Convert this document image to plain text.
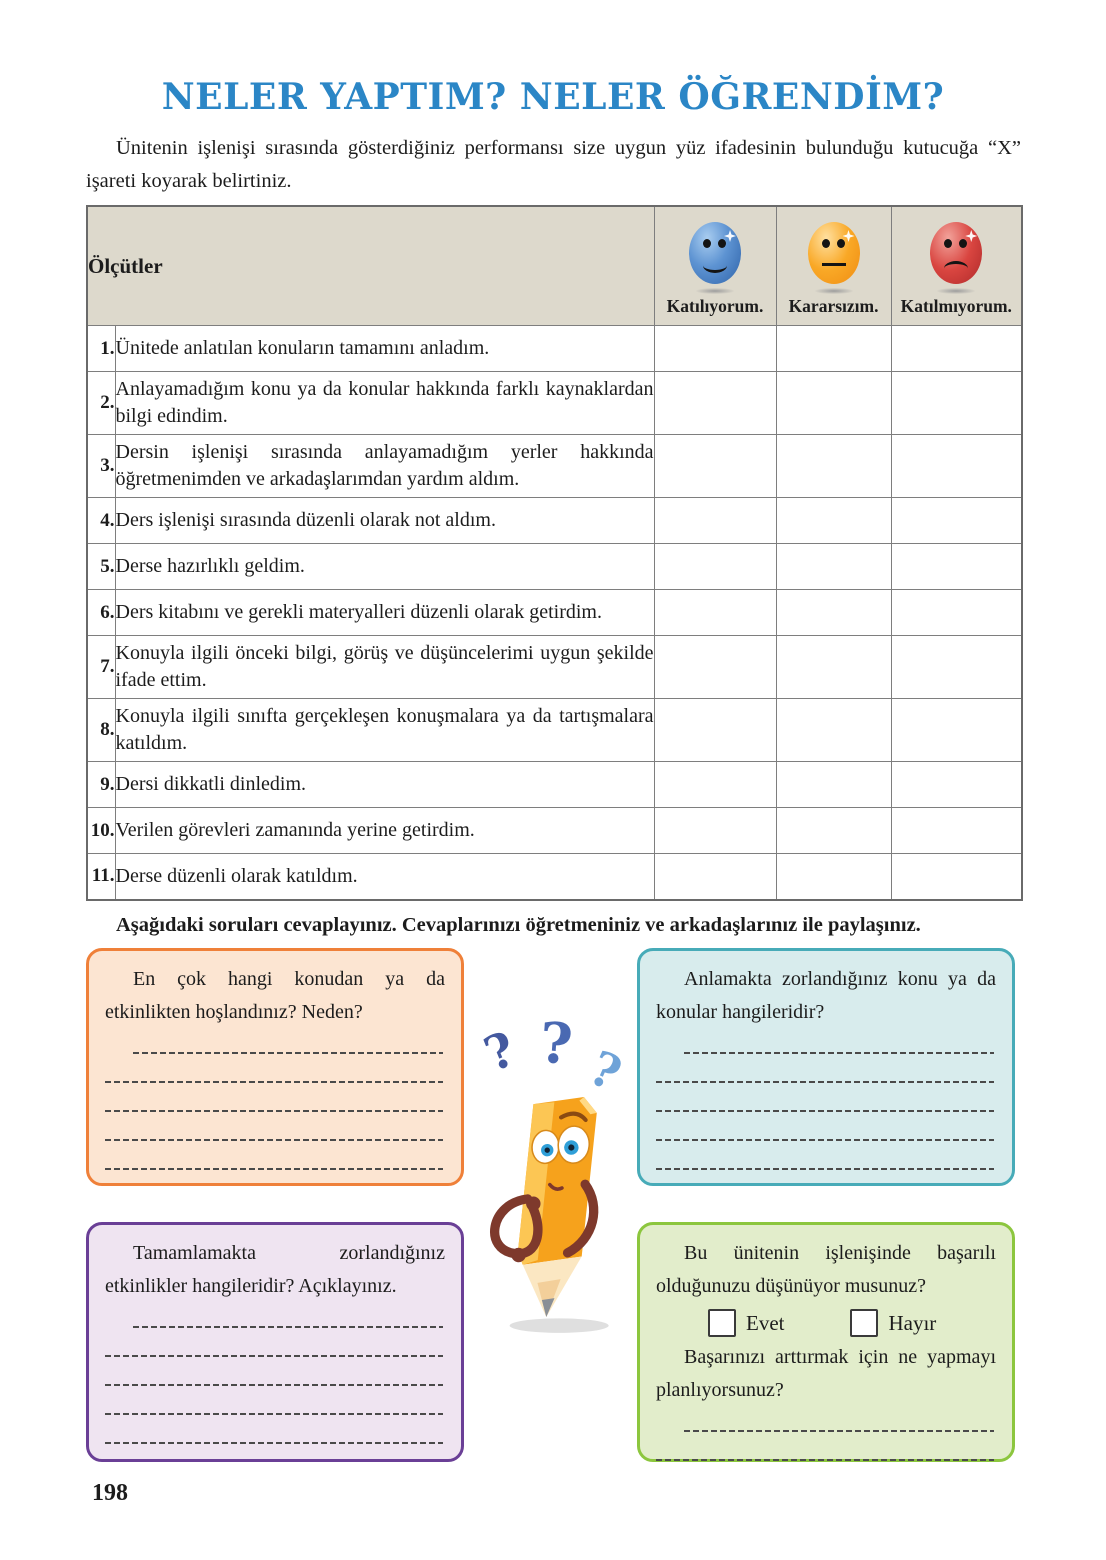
NELER YAPTIM? NELER ÖĞRENDİM?
Ünitenin işlenişi sırasında gösterdiğiniz performansı size uygun yüz ifadesinin bulunduğu kutucuğa “X” işareti koyarak belirtiniz.
Ölçütler		Katılıyorum.	Kararsızım.	Katılmıyorum.

1.	Ünitede anlatılan konuların tamamını anladım.			
2.	Anlayamadığım konu ya da konular hakkında farklı kaynaklardan bilgi edindim.			
3.	Dersin işlenişi sırasında anlayamadığım yerler hakkında öğretmenimden ve arkadaşlarımdan yardım aldım.			
4.	Ders işlenişi sırasında düzenli olarak not aldım.			
5.	Derse hazırlıklı geldim.			
6.	Ders kitabını ve gerekli materyalleri düzenli olarak getirdim.			
7.	Konuyla ilgili önceki bilgi, görüş ve düşüncelerimi uygun şekilde ifade ettim.			
8.	Konuyla ilgili sınıfta gerçekleşen konuşmalara ya da tartışmalara katıldım.			
9.	Dersi dikkatli dinledim.			
10.	Verilen görevleri zamanında yerine getirdim.			
11.	Derse düzenli olarak katıldım.			
Aşağıdaki soruları cevaplayınız. Cevaplarınızı öğretmeniniz ve arkadaşlarınız ile paylaşınız.

En çok hangi konudan ya da etkinlikten hoşlandınız? Neden?

Anlamakta zorlandığınız konu ya da konular hangileridir?

Tamamlamakta zorlandığınız etkinlikler hangileridir? Açıklayınız.

Bu ünitenin işlenişinde başarılı olduğunuzu düşünüyor musunuz?

Evet	Hayır

Başarınızı arttırmak için ne yapmayı planlıyorsunuz?

? ? ?
198
